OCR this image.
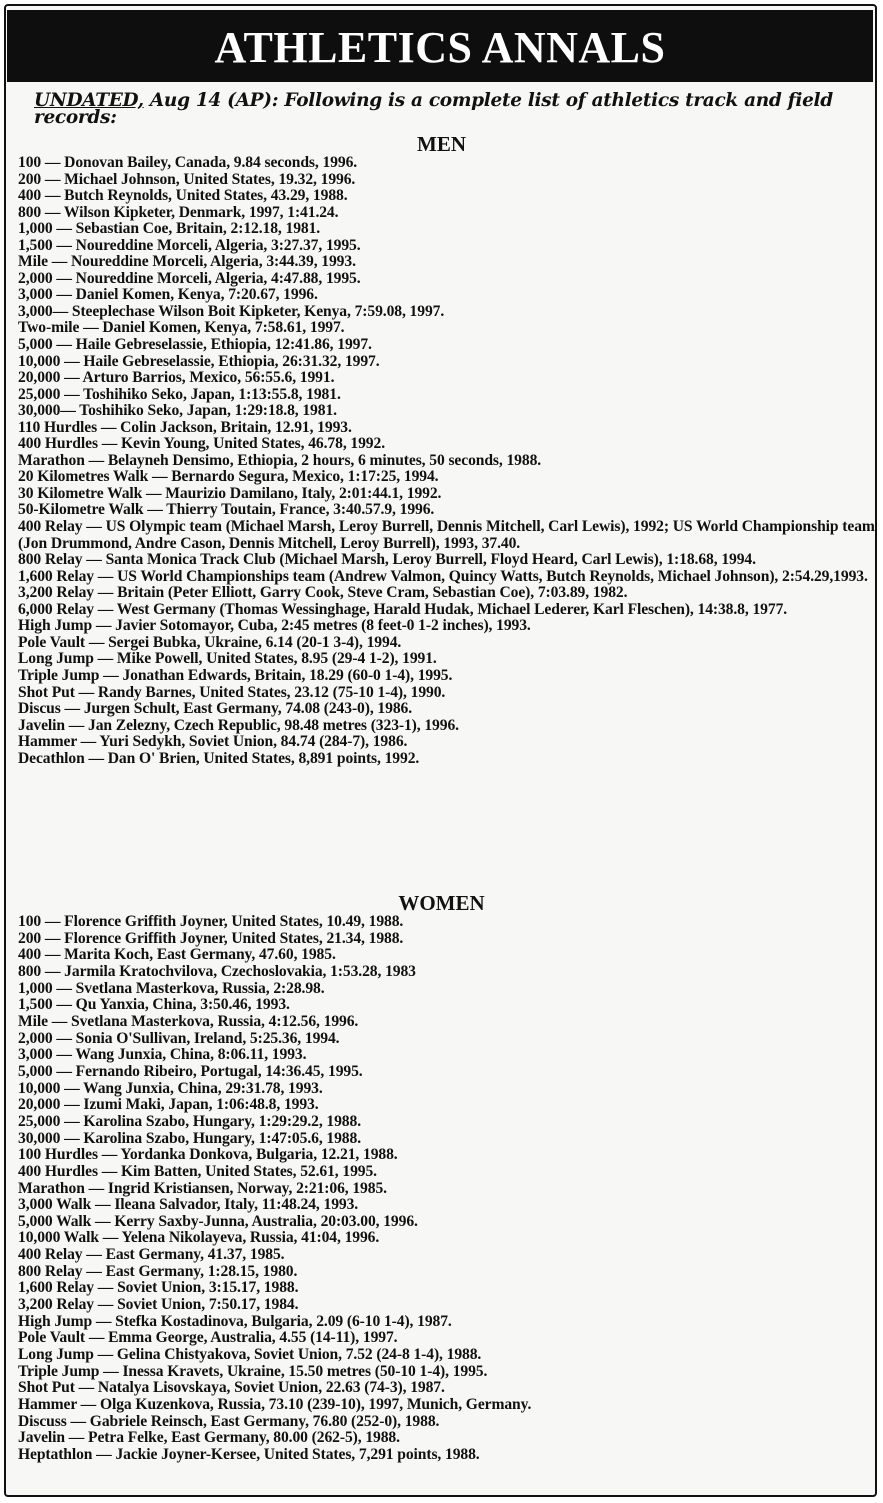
ATHLETICS ANNALS
UNDATED, Aug 14 (AP): Following is a complete list of athletics track and field records:
MEN
100 — Donovan Bailey, Canada, 9.84 seconds, 1996.
200 — Michael Johnson, United States, 19.32, 1996.
400 — Butch Reynolds, United States, 43.29, 1988.
800 — Wilson Kipketer, Denmark, 1997, 1:41.24.
1,000 — Sebastian Coe, Britain, 2:12.18, 1981.
1,500 — Noureddine Morceli, Algeria, 3:27.37, 1995.
Mile — Noureddine Morceli, Algeria, 3:44.39, 1993.
2,000 — Noureddine Morceli, Algeria, 4:47.88, 1995.
3,000 — Daniel Komen, Kenya, 7:20.67, 1996.
3,000— Steeplechase Wilson Boit Kipketer, Kenya, 7:59.08, 1997.
Two-mile — Daniel Komen, Kenya, 7:58.61, 1997.
5,000 — Haile Gebreselassie, Ethiopia, 12:41.86, 1997.
10,000 — Haile Gebreselassie, Ethiopia, 26:31.32, 1997.
20,000 — Arturo Barrios, Mexico, 56:55.6, 1991.
25,000 — Toshihiko Seko, Japan, 1:13:55.8, 1981.
30,000— Toshihiko Seko, Japan, 1:29:18.8, 1981.
110 Hurdles — Colin Jackson, Britain, 12.91, 1993.
400 Hurdles — Kevin Young, United States, 46.78, 1992.
Marathon — Belayneh Densimo, Ethiopia, 2 hours, 6 minutes, 50 seconds, 1988.
20 Kilometres Walk — Bernardo Segura, Mexico, 1:17:25, 1994.
30 Kilometre Walk — Maurizio Damilano, Italy, 2:01:44.1, 1992.
50-Kilometre Walk — Thierry Toutain, France, 3:40.57.9, 1996.
400 Relay — US Olympic team (Michael Marsh, Leroy Burrell, Dennis Mitchell, Carl Lewis), 1992; US World Championship team (Jon Drummond, Andre Cason, Dennis Mitchell, Leroy Burrell), 1993, 37.40.
800 Relay — Santa Monica Track Club (Michael Marsh, Leroy Burrell, Floyd Heard, Carl Lewis), 1:18.68, 1994.
1,600 Relay — US World Championships team (Andrew Valmon, Quincy Watts, Butch Reynolds, Michael Johnson), 2:54.29,1993.
3,200 Relay — Britain (Peter Elliott, Garry Cook, Steve Cram, Sebastian Coe), 7:03.89, 1982.
6,000 Relay — West Germany (Thomas Wessinghage, Harald Hudak, Michael Lederer, Karl Fleschen), 14:38.8, 1977.
High Jump — Javier Sotomayor, Cuba, 2:45 metres (8 feet-0 1-2 inches), 1993.
Pole Vault — Sergei Bubka, Ukraine, 6.14 (20-1 3-4), 1994.
Long Jump — Mike Powell, United States, 8.95 (29-4 1-2), 1991.
Triple Jump — Jonathan Edwards, Britain, 18.29 (60-0 1-4), 1995.
Shot Put — Randy Barnes, United States, 23.12 (75-10 1-4), 1990.
Discus — Jurgen Schult, East Germany, 74.08 (243-0), 1986.
Javelin — Jan Zelezny, Czech Republic, 98.48 metres (323-1), 1996.
Hammer — Yuri Sedykh, Soviet Union, 84.74 (284-7), 1986.
Decathlon — Dan O' Brien, United States, 8,891 points, 1992.
WOMEN
100 — Florence Griffith Joyner, United States, 10.49, 1988.
200 — Florence Griffith Joyner, United States, 21.34, 1988.
400 — Marita Koch, East Germany, 47.60, 1985.
800 — Jarmila Kratochvilova, Czechoslovakia, 1:53.28, 1983
1,000 — Svetlana Masterkova, Russia, 2:28.98.
1,500 — Qu Yanxia, China, 3:50.46, 1993.
Mile — Svetlana Masterkova, Russia, 4:12.56, 1996.
2,000 — Sonia O'Sullivan, Ireland, 5:25.36, 1994.
3,000 — Wang Junxia, China, 8:06.11, 1993.
5,000 — Fernando Ribeiro, Portugal, 14:36.45, 1995.
10,000 — Wang Junxia, China, 29:31.78, 1993.
20,000 — Izumi Maki, Japan, 1:06:48.8, 1993.
25,000 — Karolina Szabo, Hungary, 1:29:29.2, 1988.
30,000 — Karolina Szabo, Hungary, 1:47:05.6, 1988.
100 Hurdles — Yordanka Donkova, Bulgaria, 12.21, 1988.
400 Hurdles — Kim Batten, United States, 52.61, 1995.
Marathon — Ingrid Kristiansen, Norway, 2:21:06, 1985.
3,000 Walk — Ileana Salvador, Italy, 11:48.24, 1993.
5,000 Walk — Kerry Saxby-Junna, Australia, 20:03.00, 1996.
10,000 Walk — Yelena Nikolayeva, Russia, 41:04, 1996.
400 Relay — East Germany, 41.37, 1985.
800 Relay — East Germany, 1:28.15, 1980.
1,600 Relay — Soviet Union, 3:15.17, 1988.
3,200 Relay — Soviet Union, 7:50.17, 1984.
High Jump — Stefka Kostadinova, Bulgaria, 2.09 (6-10 1-4), 1987.
Pole Vault — Emma George, Australia, 4.55 (14-11), 1997.
Long Jump — Gelina Chistyakova, Soviet Union, 7.52 (24-8 1-4), 1988.
Triple Jump — Inessa Kravets, Ukraine, 15.50 metres (50-10 1-4), 1995.
Shot Put — Natalya Lisovskaya, Soviet Union, 22.63 (74-3), 1987.
Hammer — Olga Kuzenkova, Russia, 73.10 (239-10), 1997, Munich, Germany.
Discuss — Gabriele Reinsch, East Germany, 76.80 (252-0), 1988.
Javelin — Petra Felke, East Germany, 80.00 (262-5), 1988.
Heptathlon — Jackie Joyner-Kersee, United States, 7,291 points, 1988.
